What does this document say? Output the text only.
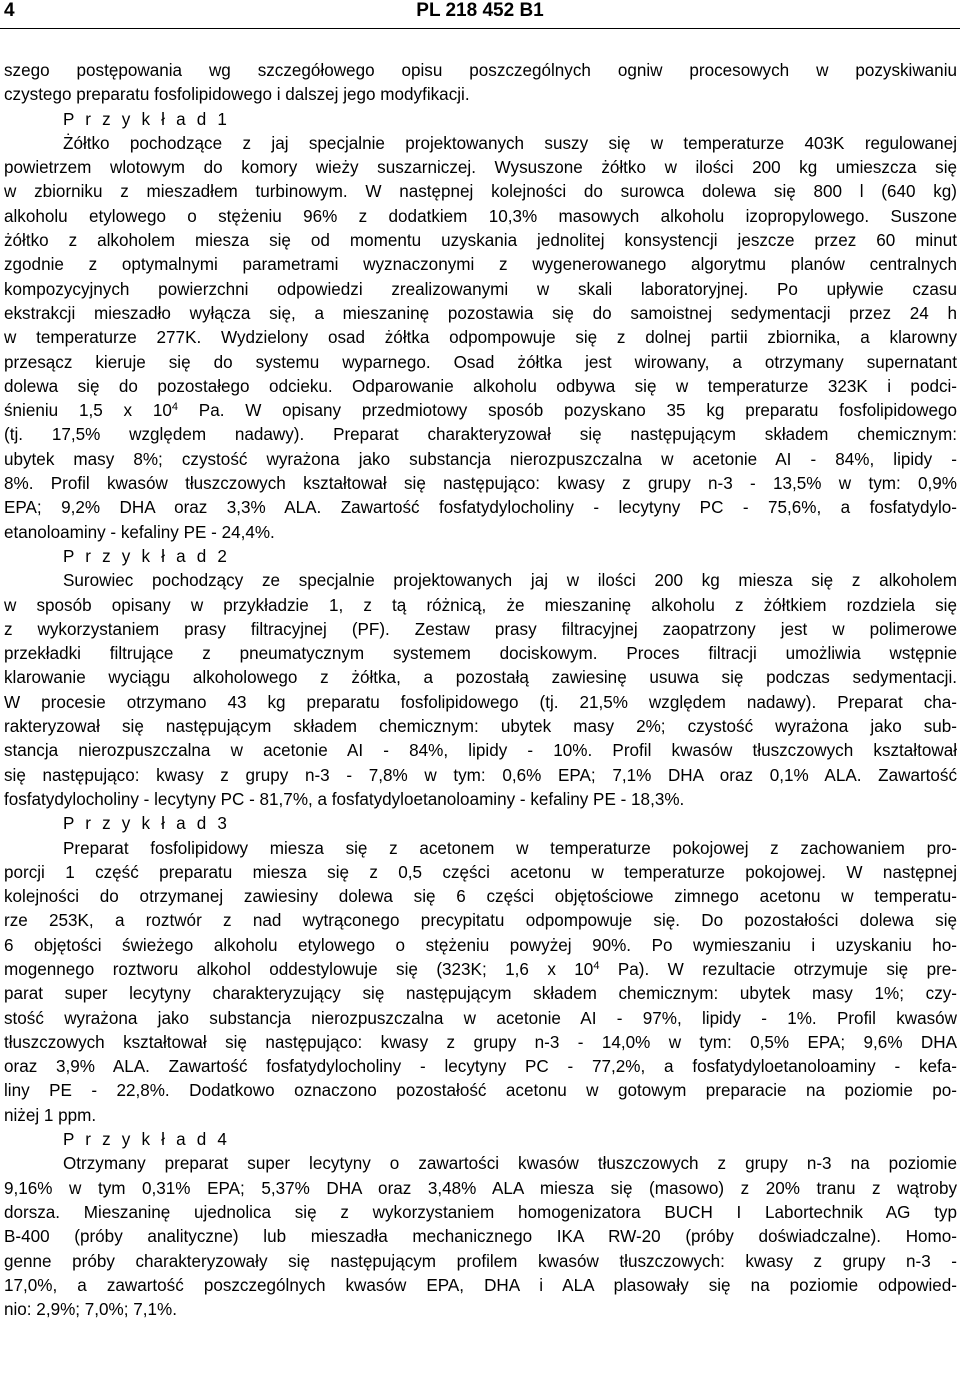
4	PL 218 452 B1
szego postępowania wg szczegółowego opisu poszczególnych ogniw procesowych w pozyskiwaniu
czystego preparatu fosfolipidowego i dalszej jego modyfikacji.
P r z y k ł a d 1
Żółtko pochodzące z jaj specjalnie projektowanych suszy się w temperaturze 403K regulowanej
powietrzem wlotowym do komory wieży suszarniczej. Wysuszone żółtko w ilości 200 kg umieszcza się
w zbiorniku z mieszadłem turbinowym. W następnej kolejności do surowca dolewa się 800 l (640 kg)
alkoholu etylowego o stężeniu 96% z dodatkiem 10,3% masowych alkoholu izopropylowego. Suszone
żółtko z alkoholem miesza się od momentu uzyskania jednolitej konsystencji jeszcze przez 60 minut
zgodnie z optymalnymi parametrami wyznaczonymi z wygenerowanego algorytmu planów centralnych
kompozycyjnych powierzchni odpowiedzi zrealizowanymi w skali laboratoryjnej. Po upływie czasu
ekstrakcji mieszadło wyłącza się, a mieszaninę pozostawia się do samoistnej sedymentacji przez 24 h
w temperaturze 277K. Wydzielony osad żółtka odpompowuje się z dolnej partii zbiornika, a klarowny
przesącz kieruje się do systemu wyparnego. Osad żółtka jest wirowany, a otrzymany supernatant
dolewa się do pozostałego odcieku. Odparowanie alkoholu odbywa się w temperaturze 323K i podci-
śnieniu 1,5 x $10^4$ Pa. W opisany przedmiotowy sposób pozyskano 35 kg preparatu fosfolipidowego
(tj. 17,5% względem nadawy). Preparat charakteryzował się następującym składem chemicznym:
ubytek masy 8%; czystość wyrażona jako substancja nierozpuszczalna w acetonie AI - 84%, lipidy -
8%. Profil kwasów tłuszczowych kształtował się następująco: kwasy z grupy n-3 - 13,5% w tym: 0,9%
EPA; 9,2% DHA oraz 3,3% ALA. Zawartość fosfatydylocholiny - lecytyny PC - 75,6%, a fosfatydylo-
etanoloaminy - kefaliny PE - 24,4%.
P r z y k ł a d 2
Surowiec pochodzący ze specjalnie projektowanych jaj w ilości 200 kg miesza się z alkoholem
w sposób opisany w przykładzie 1, z tą różnicą, że mieszaninę alkoholu z żółtkiem rozdziela się
z wykorzystaniem prasy filtracyjnej (PF). Zestaw prasy filtracyjnej zaopatrzony jest w polimerowe
przekładki filtrujące z pneumatycznym systemem dociskowym. Proces filtracji umożliwia wstępnie
klarowanie wyciągu alkoholowego z żółtka, a pozostałą zawiesinę usuwa się podczas sedymentacji.
W procesie otrzymano 43 kg preparatu fosfolipidowego (tj. 21,5% względem nadawy). Preparat cha-
rakteryzował się następującym składem chemicznym: ubytek masy 2%; czystość wyrażona jako sub-
stancja nierozpuszczalna w acetonie AI - 84%, lipidy - 10%. Profil kwasów tłuszczowych kształtował
się następująco: kwasy z grupy n-3 - 7,8% w tym: 0,6% EPA; 7,1% DHA oraz 0,1% ALA. Zawartość
fosfatydylocholiny - lecytyny PC - 81,7%, a fosfatydyloetanoloaminy - kefaliny PE - 18,3%.
P r z y k ł a d 3
Preparat fosfolipidowy miesza się z acetonem w temperaturze pokojowej z zachowaniem pro-
porcji 1 część preparatu miesza się z 0,5 części acetonu w temperaturze pokojowej. W następnej
kolejności do otrzymanej zawiesiny dolewa się 6 części objętościowe zimnego acetonu w temperatu-
rze 253K, a roztwór z nad wytrąconego precypitatu odpompowuje się. Do pozostałości dolewa się
6 objętości świeżego alkoholu etylowego o stężeniu powyżej 90%. Po wymieszaniu i uzyskaniu ho-
mogennego roztworu alkohol oddestylowuje się (323K; 1,6 x $10^4$ Pa). W rezultacie otrzymuje się pre-
parat super lecytyny charakteryzujący się następującym składem chemicznym: ubytek masy 1%; czy-
stość wyrażona jako substancja nierozpuszczalna w acetonie AI - 97%, lipidy - 1%. Profil kwasów
tłuszczowych kształtował się następująco: kwasy z grupy n-3 - 14,0% w tym: 0,5% EPA; 9,6% DHA
oraz 3,9% ALA. Zawartość fosfatydylocholiny - lecytyny PC - 77,2%, a fosfatydyloetanoloaminy - kefa-
liny PE - 22,8%. Dodatkowo oznaczono pozostałość acetonu w gotowym preparacie na poziomie po-
niżej 1 ppm.
P r z y k ł a d 4
Otrzymany preparat super lecytyny o zawartości kwasów tłuszczowych z grupy n-3 na poziomie
9,16% w tym 0,31% EPA; 5,37% DHA oraz 3,48% ALA miesza się (masowo) z 20% tranu z wątroby
dorsza. Mieszaninę ujednolica się z wykorzystaniem homogenizatora BUCH I Labortechnik AG typ
B-400 (próby analityczne) lub mieszadła mechanicznego IKA RW-20 (próby doświadczalne). Homo-
genne próby charakteryzowały się następującym profilem kwasów tłuszczowych: kwasy z grupy n-3 -
17,0%, a zawartość poszczególnych kwasów EPA, DHA i ALA plasowały się na poziomie odpowied-
nio: 2,9%; 7,0%; 7,1%.
